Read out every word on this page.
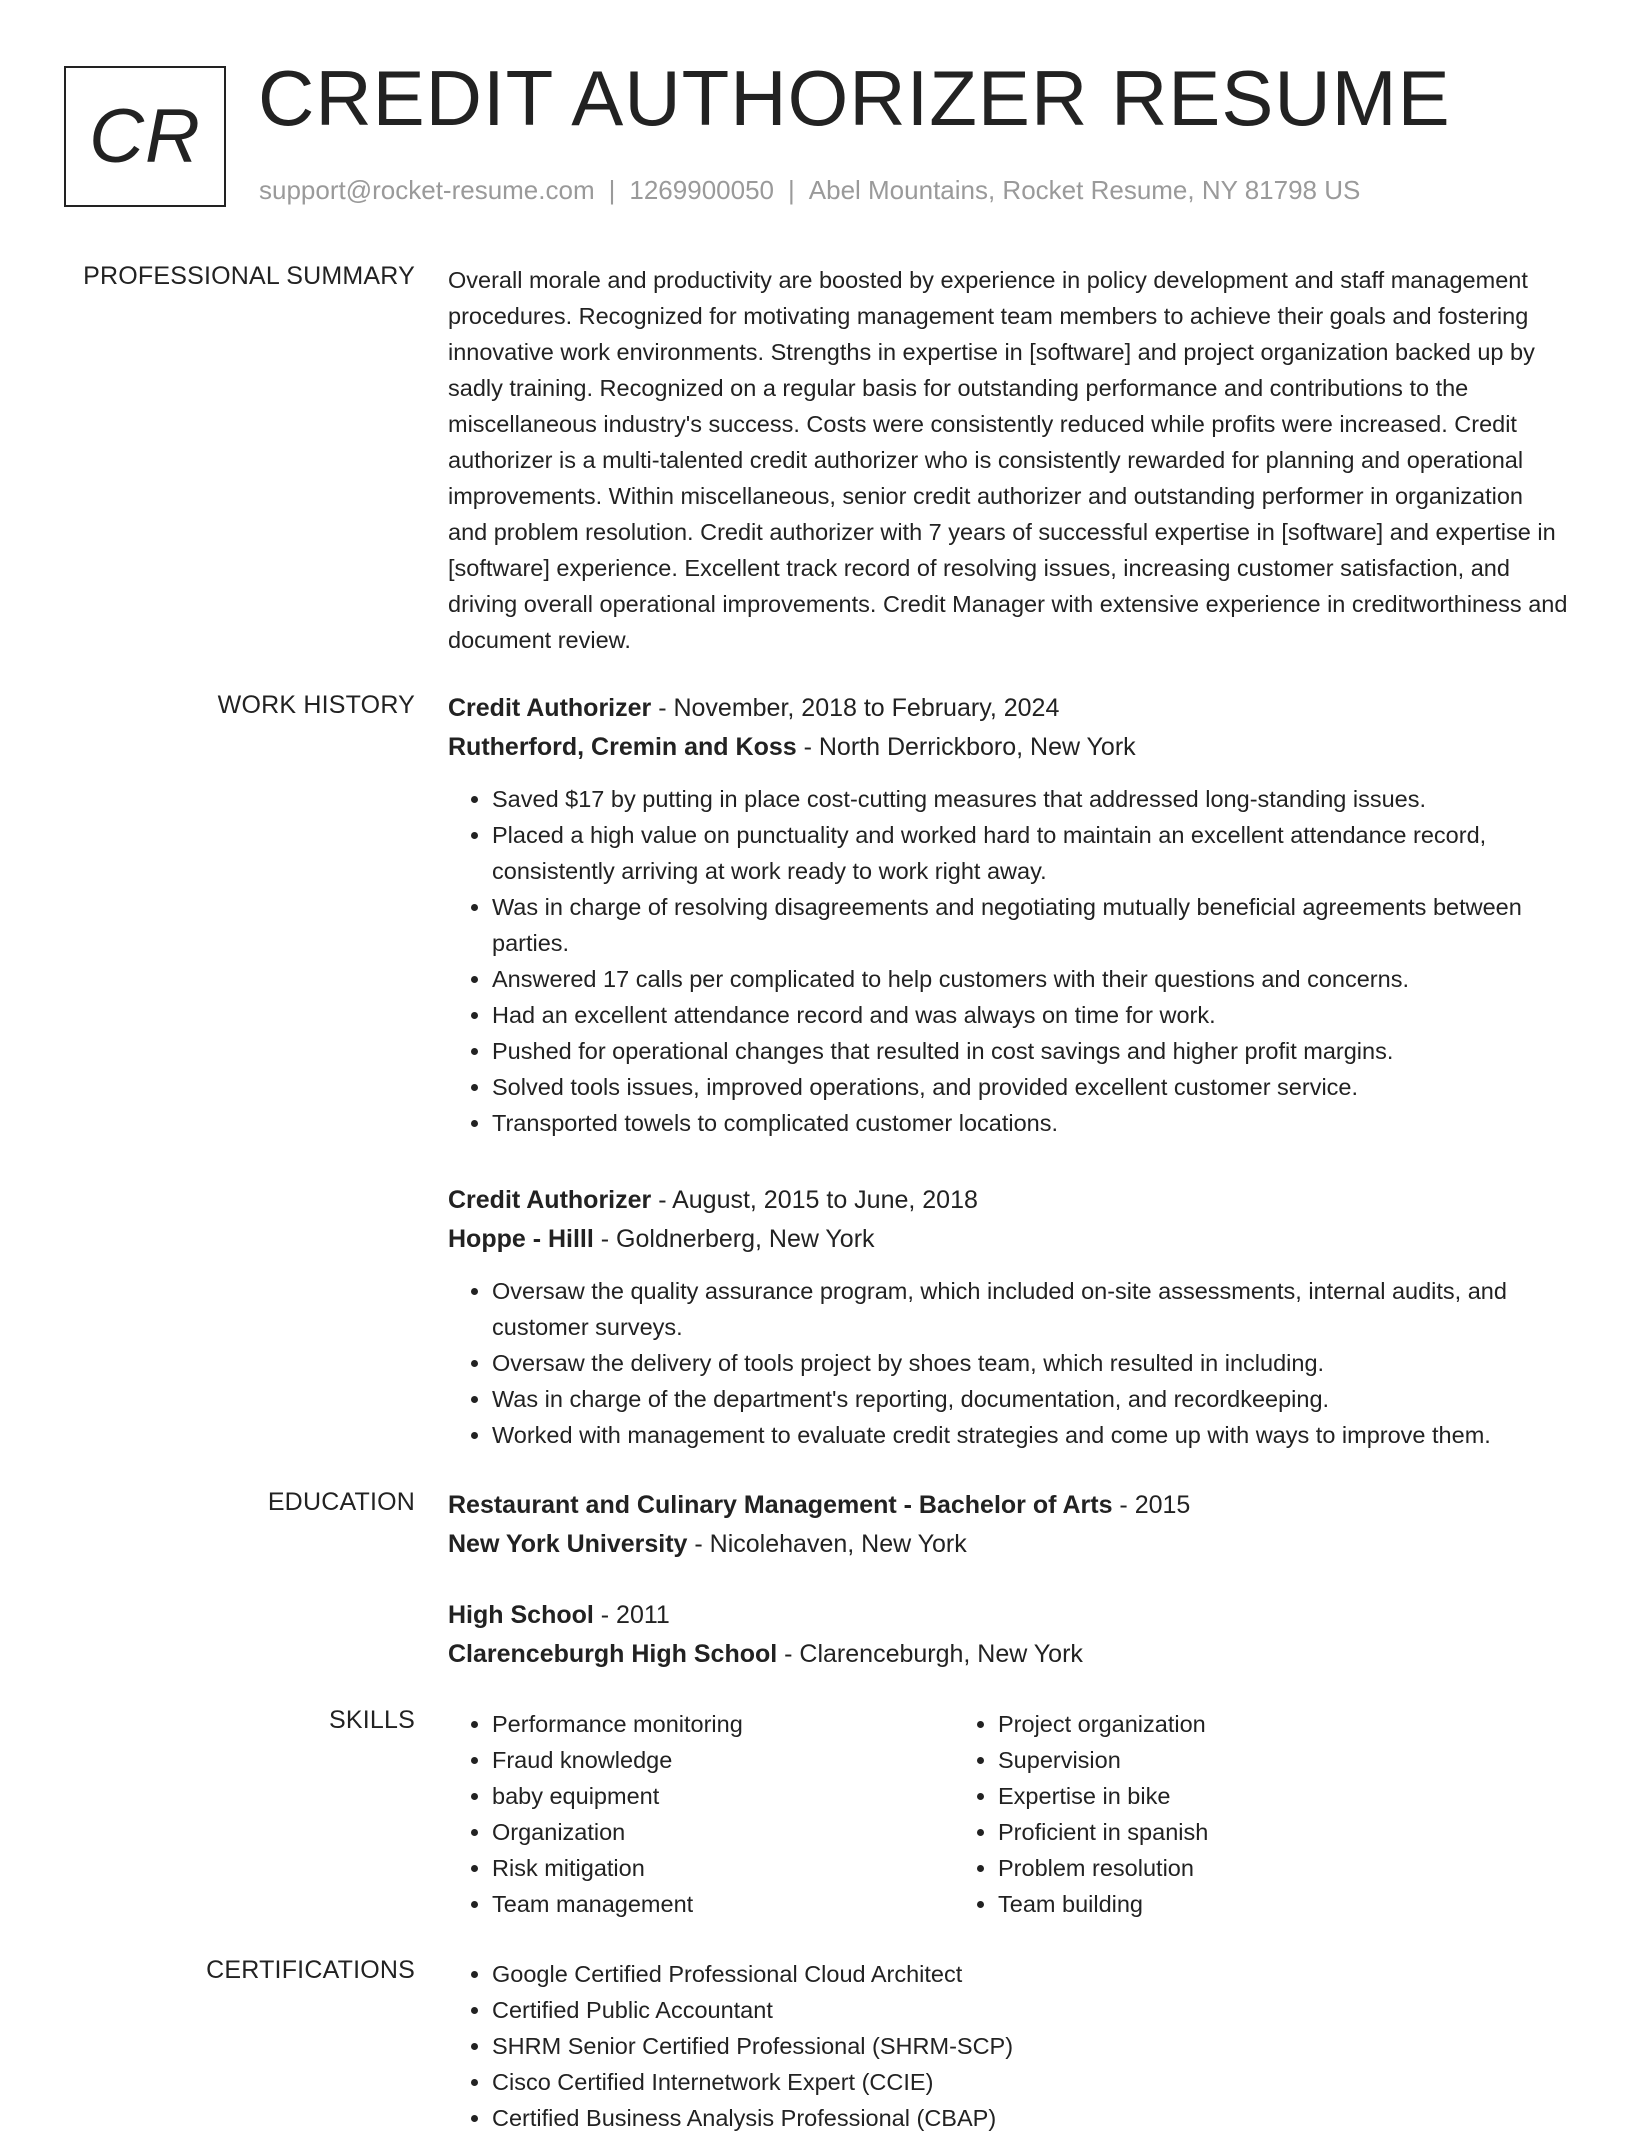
CR CREDIT AUTHORIZER RESUME
support@rocket-resume.com | 1269900050 | Abel Mountains, Rocket Resume, NY 81798 US
PROFESSIONAL SUMMARY Overall morale and productivity are boosted by experience in policy development and staff management procedures. Recognized for motivating management team members to achieve their goals and fostering innovative work environments. Strengths in expertise in [software] and project organization backed up by sadly training. Recognized on a regular basis for outstanding performance and contributions to the miscellaneous industry's success. Costs were consistently reduced while profits were increased. Credit authorizer is a multi-talented credit authorizer who is consistently rewarded for planning and operational improvements. Within miscellaneous, senior credit authorizer and outstanding performer in organization and problem resolution. Credit authorizer with 7 years of successful expertise in [software] and expertise in [software] experience. Excellent track record of resolving issues, increasing customer satisfaction, and driving overall operational improvements. Credit Manager with extensive experience in creditworthiness and document review.

WORK HISTORY Credit Authorizer - November, 2018 to February, 2024
Rutherford, Cremin and Koss - North Derrickboro, New York
• Saved $17 by putting in place cost-cutting measures that addressed long-standing issues.
• Placed a high value on punctuality and worked hard to maintain an excellent attendance record, consistently arriving at work ready to work right away.
• Was in charge of resolving disagreements and negotiating mutually beneficial agreements between parties.
• Answered 17 calls per complicated to help customers with their questions and concerns.
• Had an excellent attendance record and was always on time for work.
• Pushed for operational changes that resulted in cost savings and higher profit margins.
• Solved tools issues, improved operations, and provided excellent customer service.
• Transported towels to complicated customer locations.
Credit Authorizer - August, 2015 to June, 2018
Hoppe - Hilll - Goldnerberg, New York
• Oversaw the quality assurance program, which included on-site assessments, internal audits, and customer surveys.
• Oversaw the delivery of tools project by shoes team, which resulted in including.
• Was in charge of the department's reporting, documentation, and recordkeeping.
• Worked with management to evaluate credit strategies and come up with ways to improve them.
EDUCATION Restaurant and Culinary Management - Bachelor of Arts - 2015
New York University - Nicolehaven, New York
High School - 2011
Clarenceburgh High School - Clarenceburgh, New York
SKILLS	• Performance monitoring
• Fraud knowledge
• baby equipment
• Organization
• Risk mitigation
• Team management
• Project organization
• Supervision
• Expertise in bike
• Proficient in spanish
• Problem resolution
• Team building
CERTIFICATIONS	• Google Certified Professional Cloud Architect
• Certified Public Accountant
• SHRM Senior Certified Professional (SHRM-SCP)
• Cisco Certified Internetwork Expert (CCIE)
• Certified Business Analysis Professional (CBAP)
